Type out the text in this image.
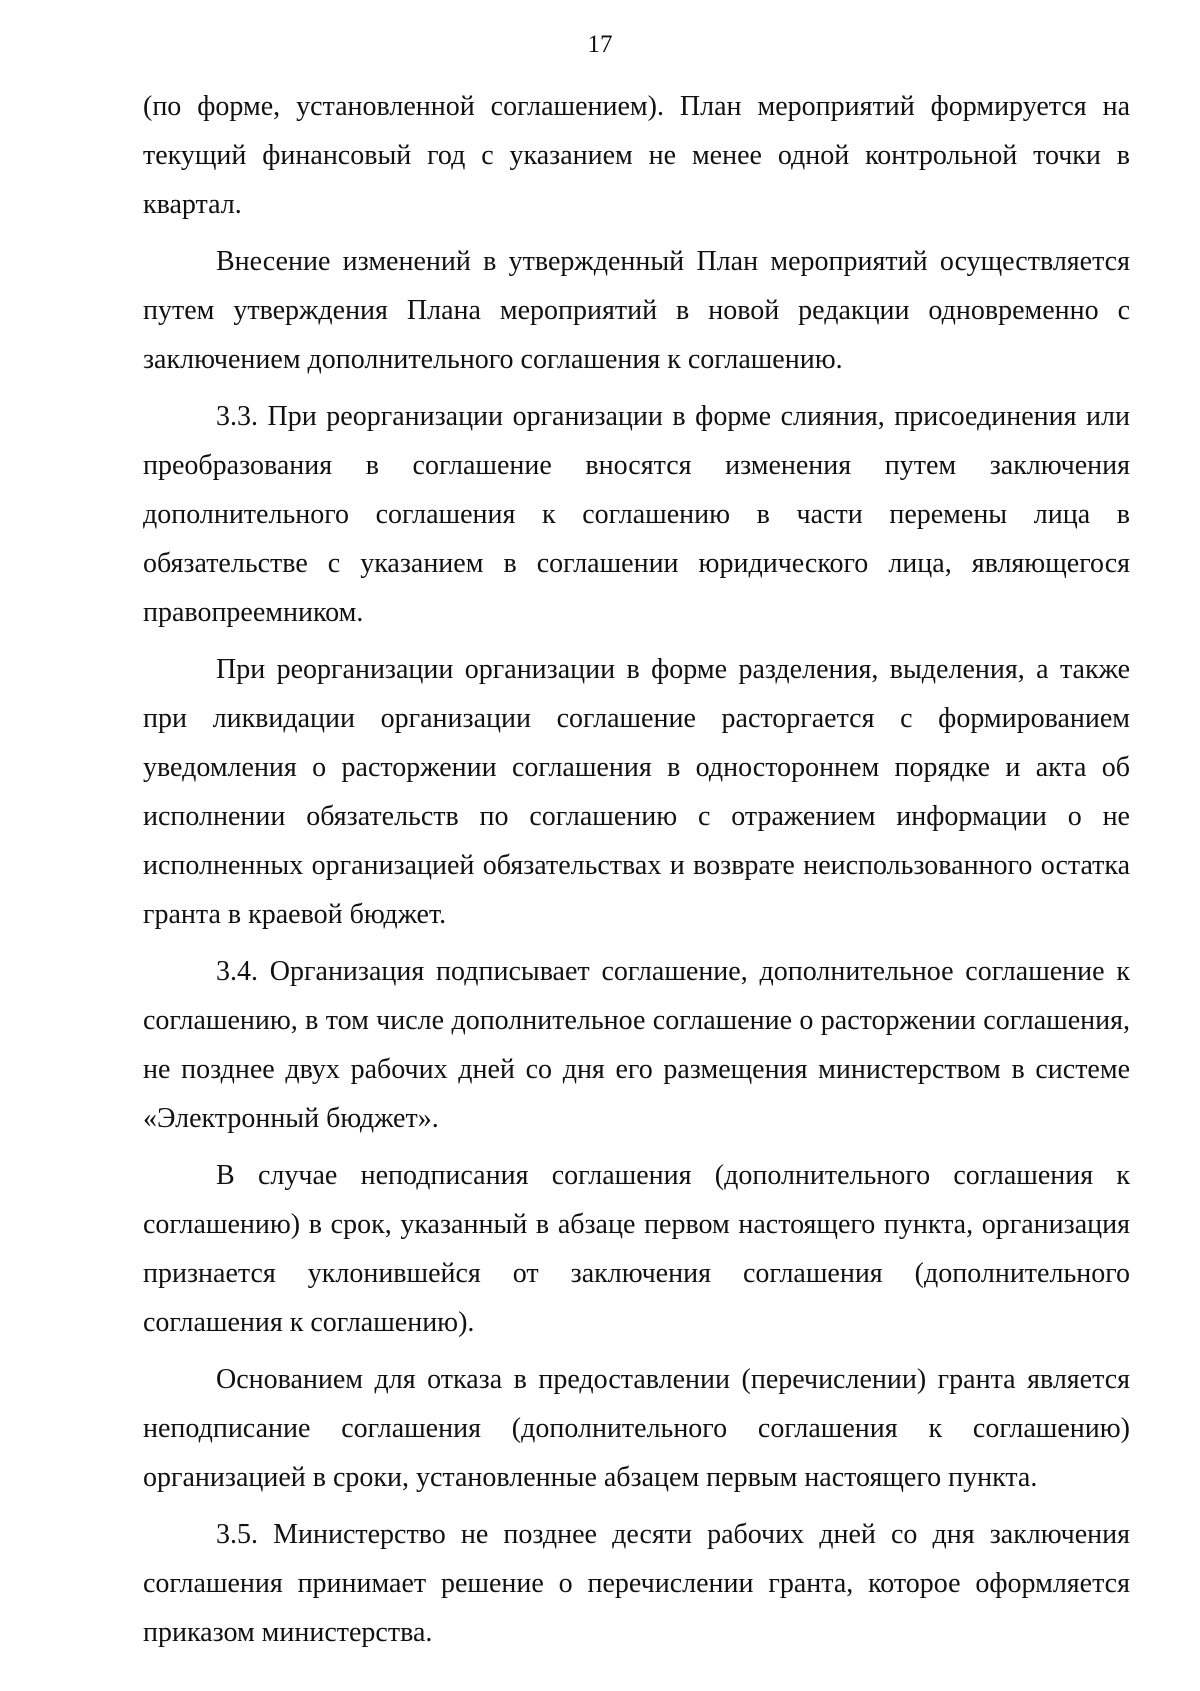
17

(по форме, установленной соглашением). План мероприятий формируется на текущий финансовый год с указанием не менее одной контрольной точки в квартал.

Внесение изменений в утвержденный План мероприятий осуществляется путем утверждения Плана мероприятий в новой редакции одновременно с заключением дополнительного соглашения к соглашению.

3.3. При реорганизации организации в форме слияния, присоединения или преобразования в соглашение вносятся изменения путем заключения дополнительного соглашения к соглашению в части перемены лица в обязательстве с указанием в соглашении юридического лица, являющегося правопреемником.

При реорганизации организации в форме разделения, выделения, а также при ликвидации организации соглашение расторгается с формированием уведомления о расторжении соглашения в одностороннем порядке и акта об исполнении обязательств по соглашению с отражением информации о не исполненных организацией обязательствах и возврате неиспользованного остатка гранта в краевой бюджет.

3.4. Организация подписывает соглашение, дополнительное соглашение к соглашению, в том числе дополнительное соглашение о расторжении соглашения, не позднее двух рабочих дней со дня его размещения министерством в системе «Электронный бюджет».

В случае неподписания соглашения (дополнительного соглашения к соглашению) в срок, указанный в абзаце первом настоящего пункта, организация признается уклонившейся от заключения соглашения (дополнительного соглашения к соглашению).

Основанием для отказа в предоставлении (перечислении) гранта является неподписание соглашения (дополнительного соглашения к соглашению) организацией в сроки, установленные абзацем первым настоящего пункта.

3.5. Министерство не позднее десяти рабочих дней со дня заключения соглашения принимает решение о перечислении гранта, которое оформляется приказом министерства.
